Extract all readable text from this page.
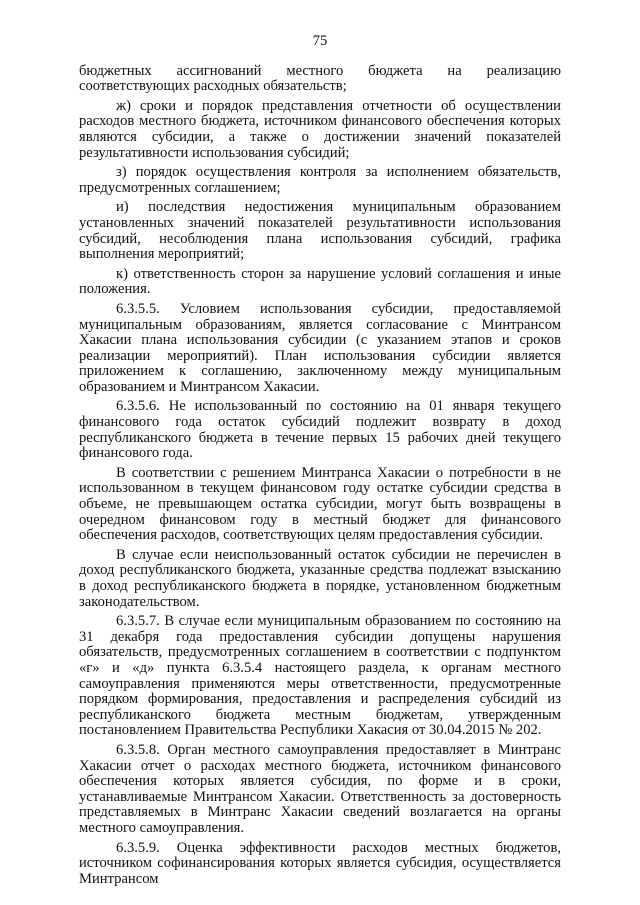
75

бюджетных ассигнований местного бюджета на реализацию соответствующих расходных обязательств;

ж) сроки и порядок представления отчетности об осуществлении расходов местного бюджета, источником финансового обеспечения которых являются субсидии, а также о достижении значений показателей результативности использования субсидий;

з) порядок осуществления контроля за исполнением обязательств, предусмотренных соглашением;

и) последствия недостижения муниципальным образованием установленных значений показателей результативности использования субсидий, несоблюдения плана использования субсидий, графика выполнения мероприятий;

к) ответственность сторон за нарушение условий соглашения и иные положения.

6.3.5.5. Условием использования субсидии, предоставляемой муниципальным образованиям, является согласование с Минтрансом Хакасии плана использования субсидии (с указанием этапов и сроков реализации мероприятий). План использования субсидии является приложением к соглашению, заключенному между муниципальным образованием и Минтрансом Хакасии.

6.3.5.6. Не использованный по состоянию на 01 января текущего финансового года остаток субсидий подлежит возврату в доход республиканского бюджета в течение первых 15 рабочих дней текущего финансового года.

В соответствии с решением Минтранса Хакасии о потребности в не использованном в текущем финансовом году остатке субсидии средства в объеме, не превышающем остатка субсидии, могут быть возвращены в очередном финансовом году в местный бюджет для финансового обеспечения расходов, соответствующих целям предоставления субсидии.

В случае если неиспользованный остаток субсидии не перечислен в доход республиканского бюджета, указанные средства подлежат взысканию в доход республиканского бюджета в порядке, установленном бюджетным законодательством.

6.3.5.7. В случае если муниципальным образованием по состоянию на 31 декабря года предоставления субсидии допущены нарушения обязательств, предусмотренных соглашением в соответствии с подпунктом «г» и «д» пункта 6.3.5.4 настоящего раздела, к органам местного самоуправления применяются меры ответственности, предусмотренные порядком формирования, предоставления и распределения субсидий из республиканского бюджета местным бюджетам, утвержденным постановлением Правительства Республики Хакасия от 30.04.2015 № 202.

6.3.5.8. Орган местного самоуправления предоставляет в Минтранс Хакасии отчет о расходах местного бюджета, источником финансового обеспечения которых является субсидия, по форме и в сроки, устанавливаемые Минтрансом Хакасии. Ответственность за достоверность представляемых в Минтранс Хакасии сведений возлагается на органы местного самоуправления.

6.3.5.9. Оценка эффективности расходов местных бюджетов, источником софинансирования которых является субсидия, осуществляется Минтрансом
